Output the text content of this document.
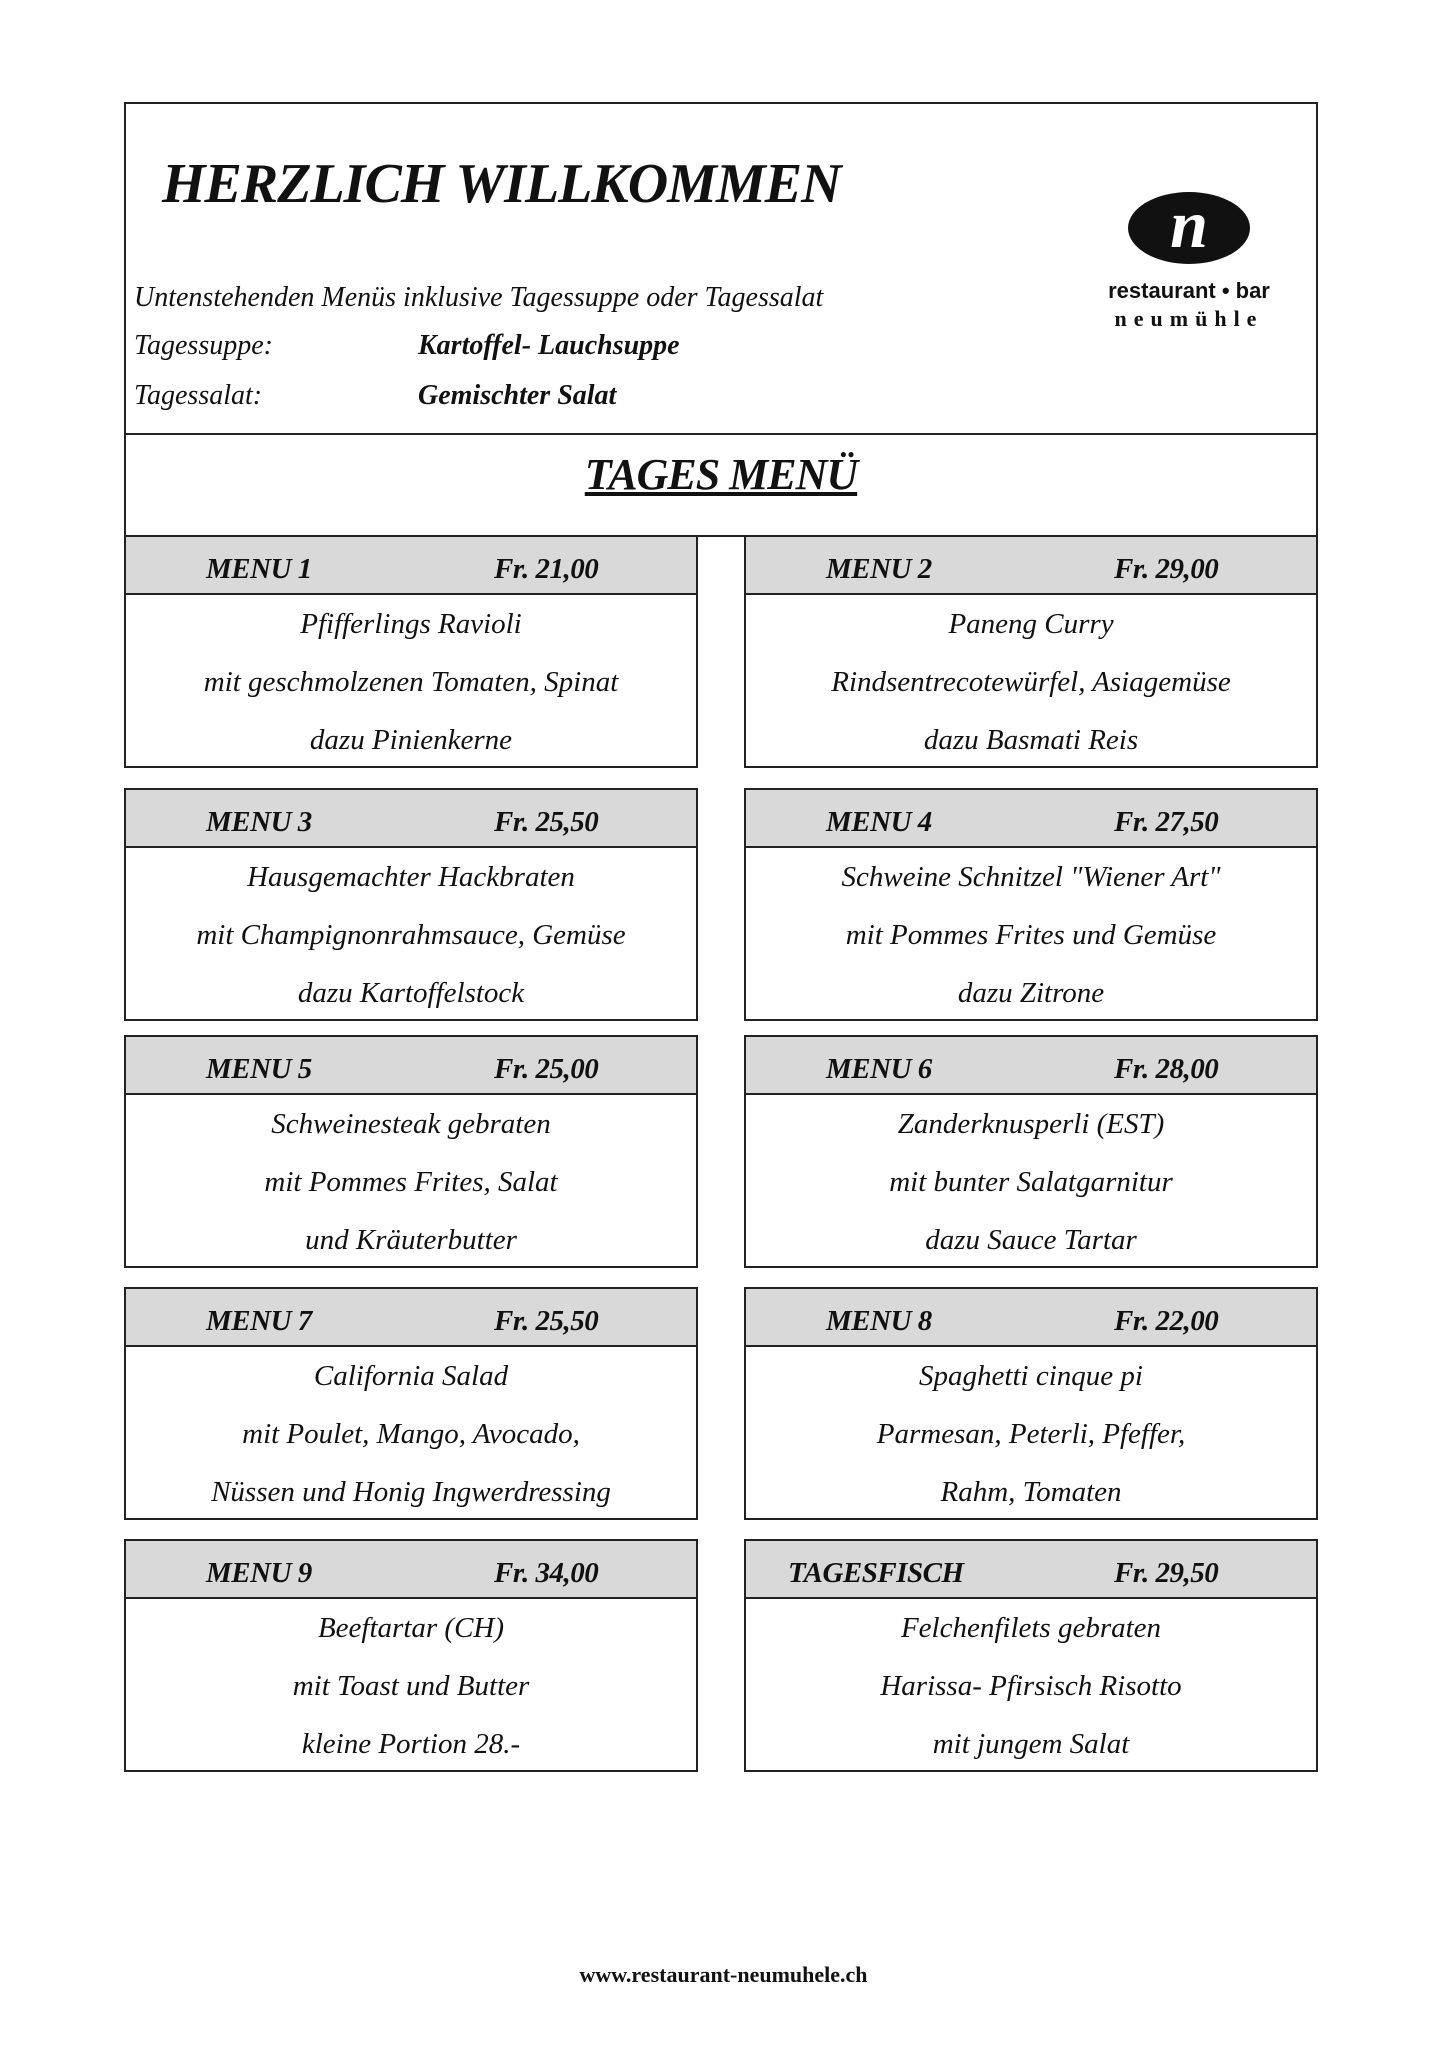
HERZLICH WILLKOMMEN
Untenstehenden Menüs inklusive Tagessuppe oder Tagessalat
Tagessuppe:	Kartoffel- Lauchsuppe
Tagessalat:	Gemischter Salat
n
restaurant • bar
neumühle
TAGES MENÜ
MENU 1	Fr. 21,00
Pfifferlings Ravioli
mit geschmolzenen Tomaten, Spinat
dazu Pinienkerne
MENU 2	Fr. 29,00
Paneng Curry
Rindsentrecotewürfel, Asiagemüse
dazu Basmati Reis
MENU 3	Fr. 25,50
Hausgemachter Hackbraten
mit Champignonrahmsauce, Gemüse
dazu Kartoffelstock
MENU 4	Fr. 27,50
Schweine Schnitzel "Wiener Art"
mit Pommes Frites und Gemüse
dazu Zitrone
MENU 5	Fr. 25,00
Schweinesteak gebraten
mit Pommes Frites, Salat
und Kräuterbutter
MENU 6	Fr. 28,00
Zanderknusperli (EST)
mit bunter Salatgarnitur
dazu Sauce Tartar
MENU 7	Fr. 25,50
California Salad
mit Poulet, Mango, Avocado,
Nüssen und Honig Ingwerdressing
MENU 8	Fr. 22,00
Spaghetti cinque pi
Parmesan, Peterli, Pfeffer,
Rahm, Tomaten
MENU 9	Fr. 34,00
Beeftartar (CH)
mit Toast und Butter
kleine Portion 28.-
TAGESFISCH	Fr. 29,50
Felchenfilets gebraten
Harissa- Pfirsisch Risotto
mit jungem Salat
www.restaurant-neumuhele.ch
